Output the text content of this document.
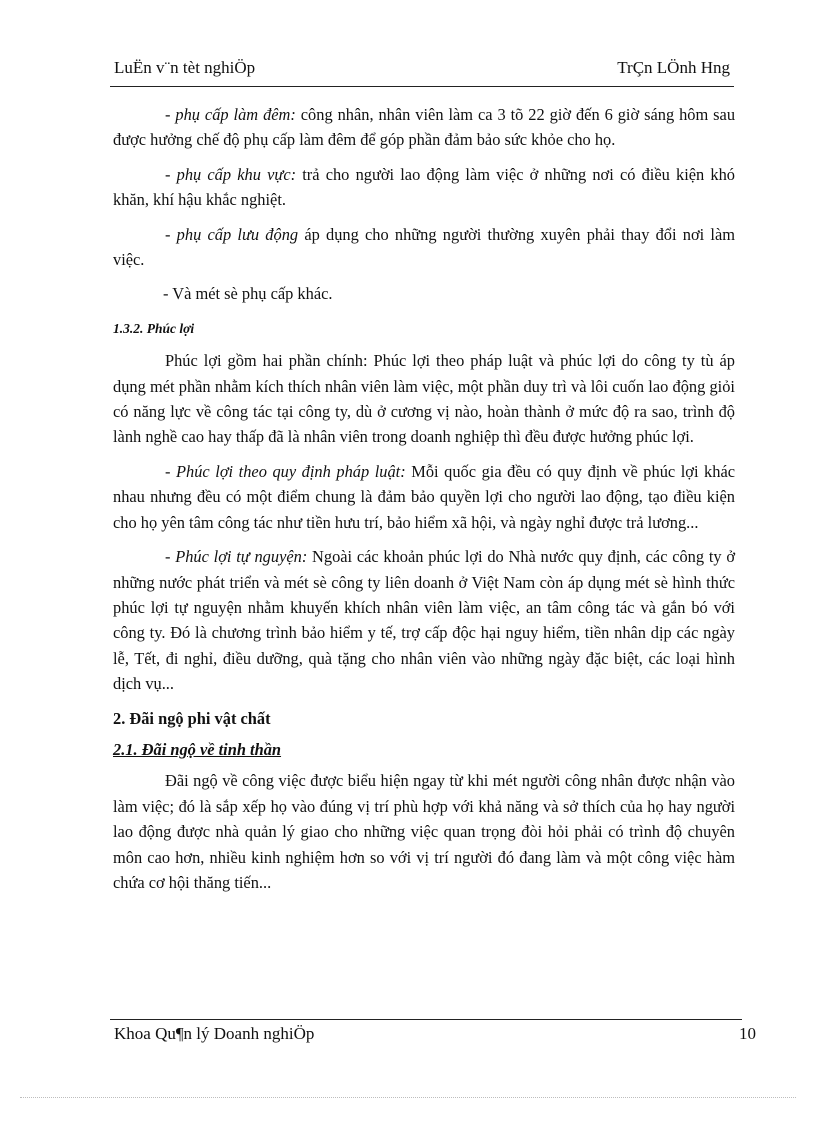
LuËn v¨n tèt nghiÖp	TrÇn LÖnh Hng

- phụ cấp làm đêm: công nhân, nhân viên làm ca 3 tõ 22 giờ đến 6 giờ sáng hôm sau được hưởng chế độ phụ cấp làm đêm để góp phần đảm bảo sức khỏe cho họ.

- phụ cấp khu vực: trả cho người lao động làm việc ở những nơi có điều kiện khó khăn, khí hậu khắc nghiệt.

- phụ cấp lưu động áp dụng cho những người thường xuyên phải thay đổi nơi làm việc.

- Và mét sè phụ cấp khác.

1.3.2. Phúc lợi

Phúc lợi gồm hai phần chính: Phúc lợi theo pháp luật và phúc lợi do công ty tù áp dụng mét phần nhằm kích thích nhân viên làm việc, một phần duy trì và lôi cuốn lao động giỏi có năng lực về công tác tại công ty, dù ở cương vị nào, hoàn thành ở mức độ ra sao, trình độ lành nghề cao hay thấp đã là nhân viên trong doanh nghiệp thì đều được hưởng phúc lợi.

- Phúc lợi theo quy định pháp luật: Mỗi quốc gia đều có quy định về phúc lợi khác nhau nhưng đều có một điểm chung là đảm bảo quyền lợi cho người lao động, tạo điều kiện cho họ yên tâm công tác như tiền hưu trí, bảo hiểm xã hội, và ngày nghỉ được trả lương...

- Phúc lợi tự nguyện: Ngoài các khoản phúc lợi do Nhà nước quy định, các công ty ở những nước phát triển và mét sè công ty liên doanh ở Việt Nam còn áp dụng mét sè hình thức phúc lợi tự nguyện nhằm khuyến khích nhân viên làm việc, an tâm công tác và gắn bó với công ty. Đó là chương trình bảo hiểm y tế, trợ cấp độc hại nguy hiểm, tiền nhân dịp các ngày lễ, Tết, đi nghỉ, điều dưỡng, quà tặng cho nhân viên vào những ngày đặc biệt, các loại hình dịch vụ...

2. Đãi ngộ phi vật chất

2.1. Đãi ngộ về tinh thần

Đãi ngộ về công việc được biểu hiện ngay từ khi mét người công nhân được nhận vào làm việc; đó là sắp xếp họ vào đúng vị trí phù hợp với khả năng và sở thích của họ hay người lao động được nhà quản lý giao cho những việc quan trọng đòi hỏi phải có trình độ chuyên môn cao hơn, nhiều kinh nghiệm hơn so với vị trí người đó đang làm và một công việc hàm chứa cơ hội thăng tiến...

Khoa Qu¶n lý Doanh nghiÖp	10
